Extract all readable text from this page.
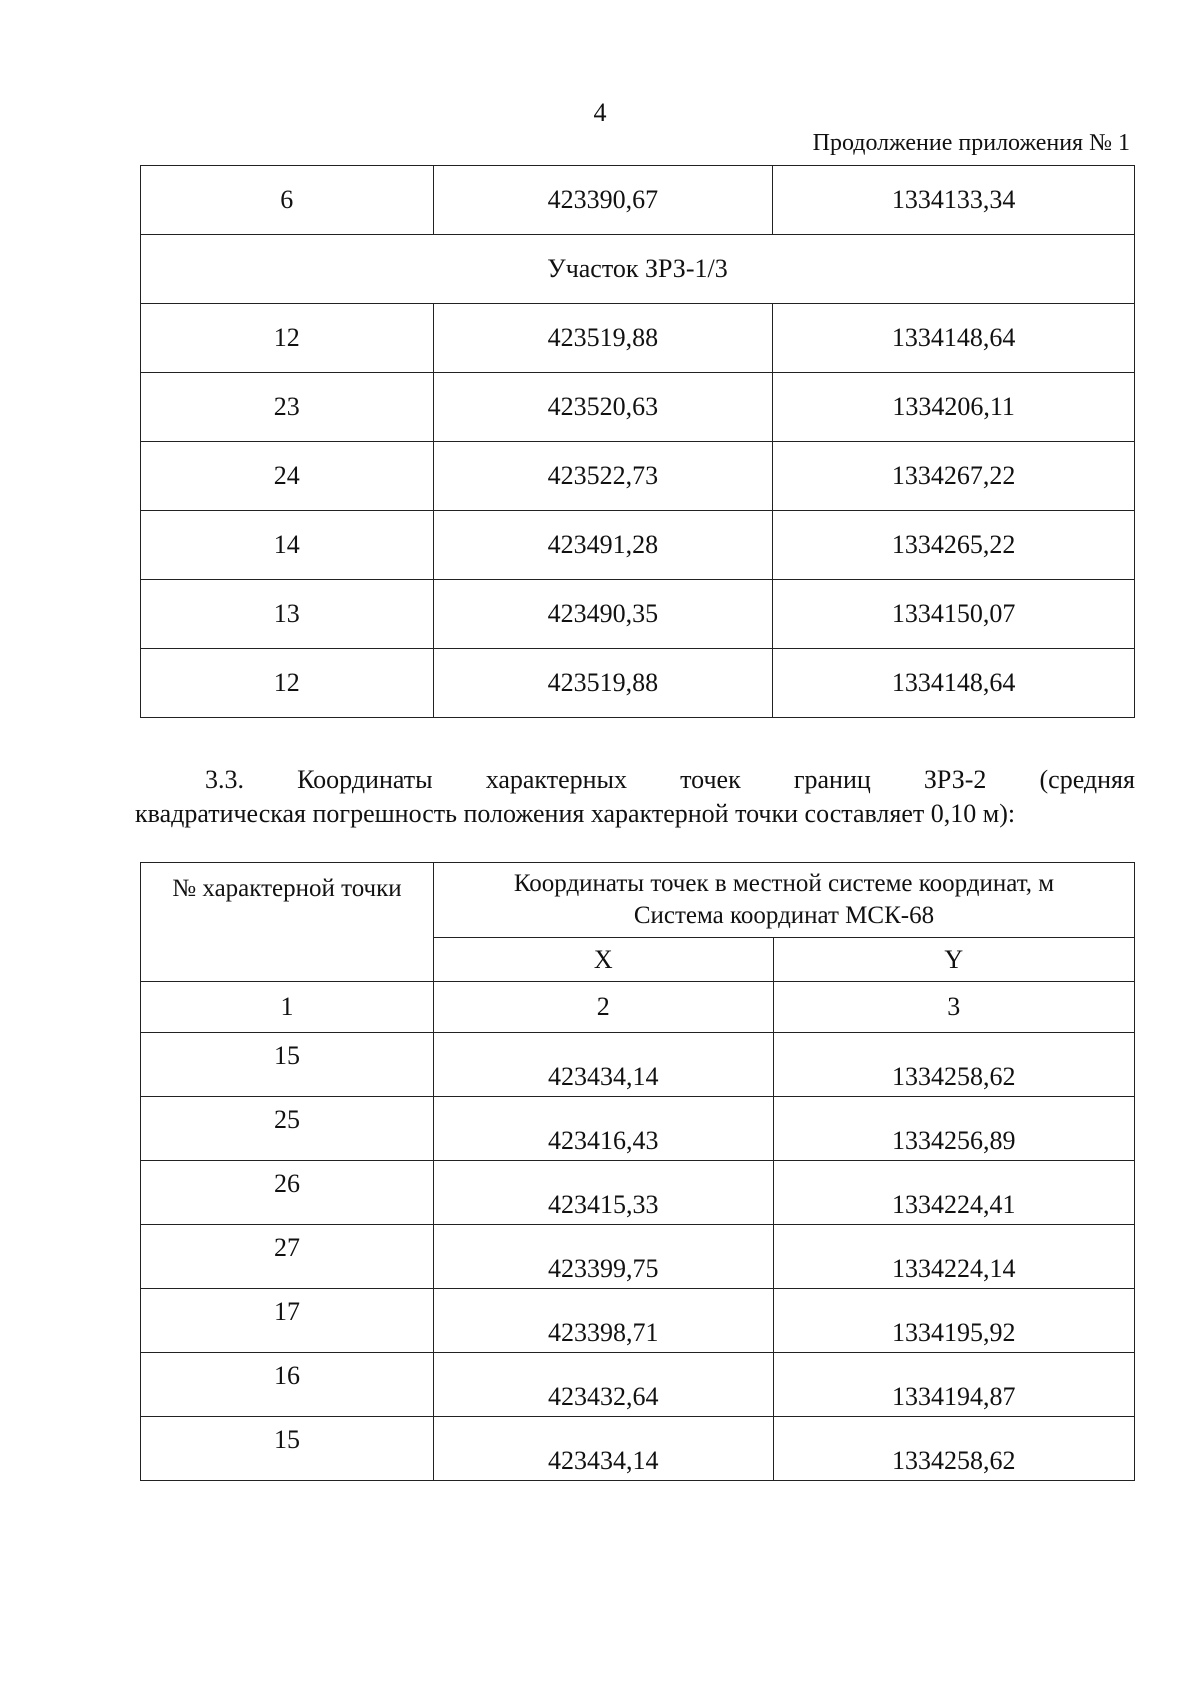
4
Продолжение приложения № 1
6	423390,67	1334133,34
Участок ЗРЗ-1/3		
12	423519,88	1334148,64
23	423520,63	1334206,11
24	423522,73	1334267,22
14	423491,28	1334265,22
13	423490,35	1334150,07
12	423519,88	1334148,64
3.3. Координаты характерных точек границ ЗРЗ-2 (средняя
квадратическая погрешность положения характерной точки составляет 0,10 м):
№ характерной точки	Координаты точек в местной системе координат, м
Система координат МСК-68	

	X	Y
1	2	3
15	423434,14	1334258,62
25	423416,43	1334256,89
26	423415,33	1334224,41
27	423399,75	1334224,14
17	423398,71	1334195,92
16	423432,64	1334194,87
15	423434,14	1334258,62
